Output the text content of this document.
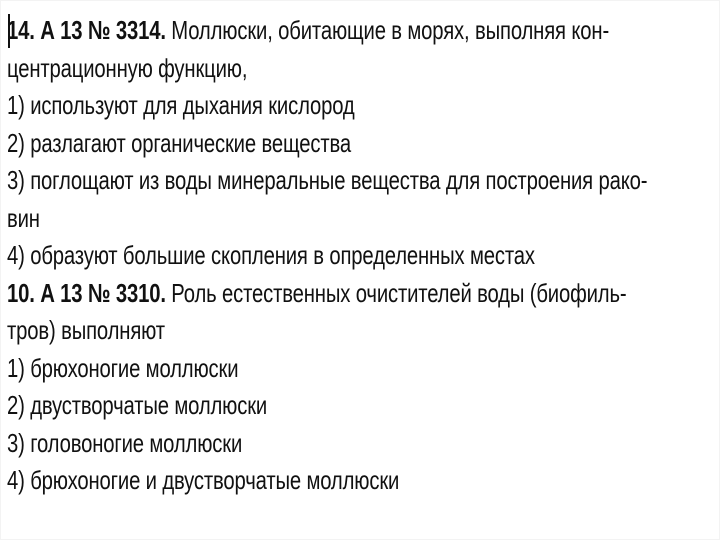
14. А 13 № 3314. Моллюски, обитающие в морях, выполняя кон-
центрационную функцию,
1) используют для дыхания кислород
2) разлагают органические вещества
3) поглощают из воды минеральные вещества для построения рако-
вин
4) образуют большие скопления в определенных местах
10. А 13 № 3310. Роль естественных очистителей воды (биофиль-
тров) выполняют
1) брюхоногие моллюски
2) двустворчатые моллюски
3) головоногие моллюски
4) брюхоногие и двустворчатые моллюски
